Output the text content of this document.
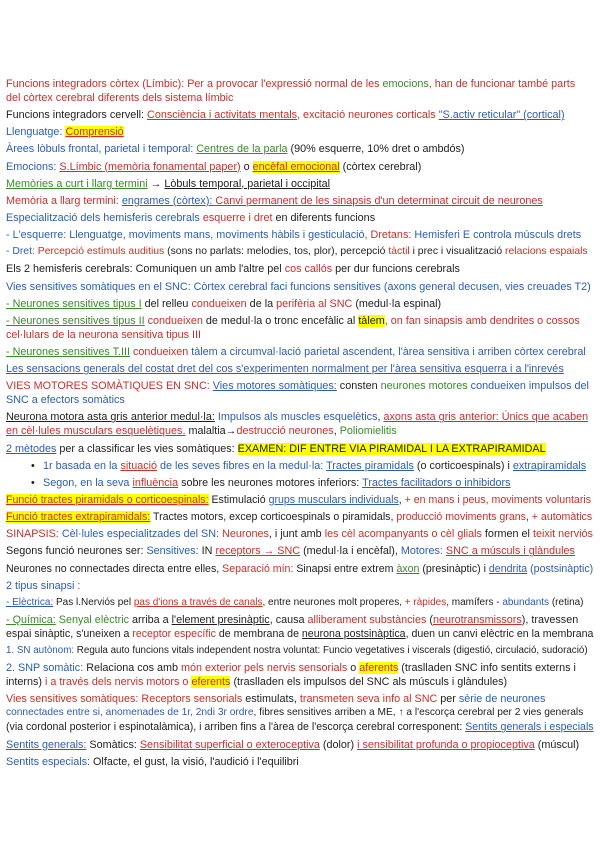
Funcions integradors còrtex (Límbic): Per a provocar l'expressió normal de les emocions, han de funcionar també parts
del còrtex cerebral diferents dels sistema límbic
Funcions integradors cervell: Consciència i activitats mentals, excitació neurones corticals "S.activ reticular" (cortical)
Llenguatge: Comprensió
Àrees lòbuls frontal, parietal i temporal: Centres de la parla (90% esquerre, 10% dret o ambdós)
Emocions: S.Límbic (memòria fonamental paper) o encèfal emocional (còrtex cerebral)
Memòries a curt i llarg termini → Lòbuls temporal, parietal i occipital
Memòria a llarg termini: engrames (còrtex): Canvi permanent de les sinapsis d'un determinat circuit de neurones
Especialització dels hemisferis cerebrals esquerre i dret en diferents funcions
- L'esquerre: Llenguatge, moviments mans, moviments hàbils i gesticulació, Dretans: Hemisferi E controla músculs drets
- Dret: Percepció estímuls auditius (sons no parlats: melodies, tos, plor), percepció tàctil i prec i visualització relacions espaials
Els 2 hemisferis cerebrals: Comuniquen un amb l'altre pel cos callós per dur funcions cerebrals
Vies sensitives somàtiques en el SNC: Còrtex cerebral faci funcions sensitives (axons general decusen, vies creuades T2)
- Neurones sensitives tipus I del relleu condueixen de la perifèria al SNC (medul·la espinal)
- Neurones sensitives tipus II condueixen de medul·la o tronc encefàlic al tàlem, on fan sinapsis amb dendrites o cossos
cel·lulars de la neurona sensitiva tipus III
- Neurones sensitives T.III condueixen tàlem a circumval·lació parietal ascendent, l'àrea sensitiva i arriben còrtex cerebral
Les sensacions generals del costat dret del cos s'experimenten normalment per l'àrea sensitiva esquerra i a l'inrevés
VIES MOTORES SOMÀTIQUES EN SNC: Vies motores somàtiques: consten neurones motores condueixen impulsos del
SNC a efectors somàtics
Neurona motora asta gris anterior medul·la: Impulsos als muscles esquelètics, axons asta gris anterior: Únics que acaben
en cèl·lules musculars esquelètiques. malaltia→destrucció neurones, Poliomielitis
2 mètodes per a classificar les vies somàtiques: EXAMEN: DIF ENTRE VIA PIRAMIDAL I LA EXTRAPIRAMIDAL
• 1r basada en la situació de les seves fibres en la medul·la: Tractes piramidals (o corticoespinals) i extrapiramidals
• Segon, en la seva influència sobre les neurones motores inferiors: Tractes facilitadors o inhibidors
Funció tractes piramidals o corticoespinals: Estimulació grups musculars individuals, + en mans i peus, moviments voluntaris
Funció tractes extrapiramidals: Tractes motors, excep corticoespinals o piramidals, producció moviments grans, + automàtics
SINAPSIS: Cèl·lules especialitzades del SN: Neurones, i junt amb les cèl acompanyants o cèl glials formen el teixit nerviós
Segons funció neurones ser: Sensitives: IN receptors → SNC (medul·la i encèfal), Motores: SNC a músculs i glàndules
Neurones no connectades directa entre elles, Separació mín: Sinapsi entre extrem àxon (presinàptic) i dendrita (postsinàptic)
2 tipus sinapsi :
- Elèctrica: Pas l.Nerviós pel pas d'ions a través de canals, entre neurones molt properes, + ràpides, mamífers - abundants (retina)
- Química: Senyal elèctric arriba a l'element presinàptic, causa alliberament substàncies (neurotransmissors), travessen
espai sinàptic, s'uneixen a receptor específic de membrana de neurona postsinàptica, duen un canvi elèctric en la membrana
1. SN autònom: Regula auto funcions vitals independent nostra voluntat: Funcio vegetatives i viscerals (digestió, circulació, sudoració)
2. SNP somàtic: Relaciona cos amb món exterior pels nervis sensorials o aferents (traslladen SNC info sentits externs i
interns) i a través dels nervis motors o eferents (traslladen els impulsos del SNC als músculs i glàndules)
Vies sensitives somàtiques: Receptors sensorials estimulats, transmeten seva info al SNC per sèrie de neurones
connectades entre si, anomenades de 1r, 2ndi 3r ordre, fibres sensitives arriben a ME, ↑ a l'escorça cerebral per 2 vies generals
(via cordonal posterior i espinotalàmica), i arriben fins a l'àrea de l'escorça cerebral corresponent: Sentits generals i especials
Sentits generals: Somàtics: Sensibilitat superficial o exteroceptiva (dolor) i sensibilitat profunda o propioceptiva (múscul)
Sentits especials: Olfacte, el gust, la visió, l'audició i l'equilibri
